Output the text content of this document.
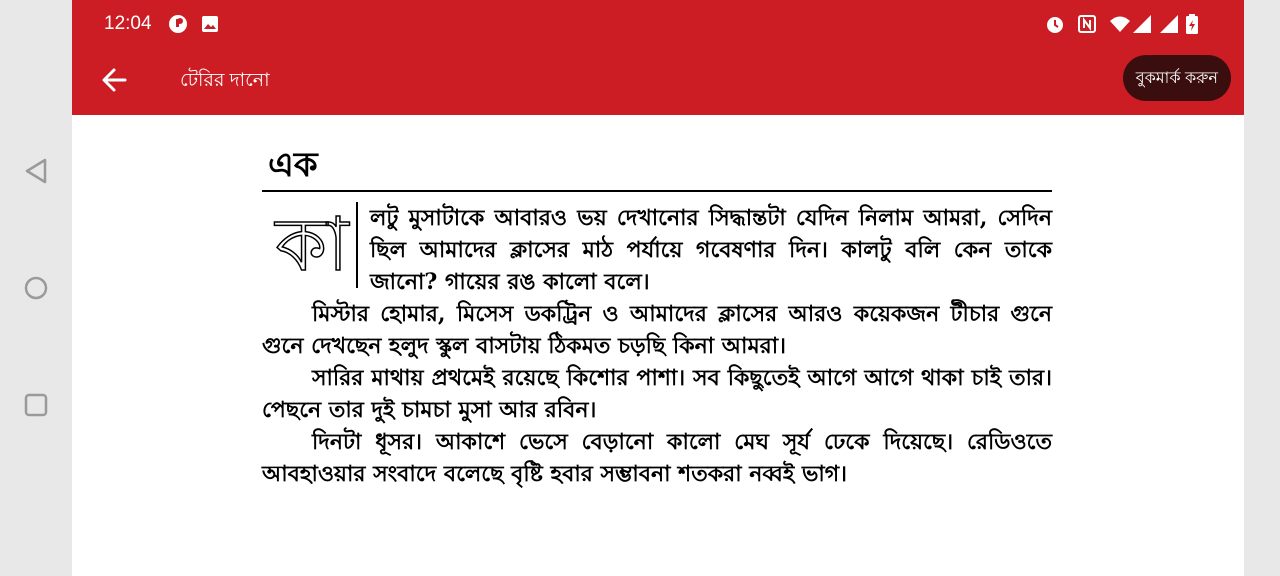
12:04
টেরির দানো	বুকমার্ক করুন
এক
কা লটু মুসাটাকে আবারও ভয় দেখানোর সিদ্ধান্তটা যেদিন নিলাম আমরা, সেদিন ছিল আমাদের ক্লাসের মাঠ পর্যায়ে গবেষণার দিন। কালটু বলি কেন তাকে জানো? গায়ের রঙ কালো বলে।

মিস্টার হোমার, মিসেস ডকট্রিন ও আমাদের ক্লাসের আরও কয়েকজন টীচার গুনে গুনে দেখছেন হলুদ স্কুল বাসটায় ঠিকমত চড়ছি কিনা আমরা।

সারির মাথায় প্রথমেই রয়েছে কিশোর পাশা। সব কিছুতেই আগে আগে থাকা চাই তার। পেছনে তার দুই চামচা মুসা আর রবিন।

দিনটা ধূসর। আকাশে ভেসে বেড়ানো কালো মেঘ সূর্য ঢেকে দিয়েছে। রেডিওতে আবহাওয়ার সংবাদে বলেছে বৃষ্টি হবার সম্ভাবনা শতকরা নব্বই ভাগ।
